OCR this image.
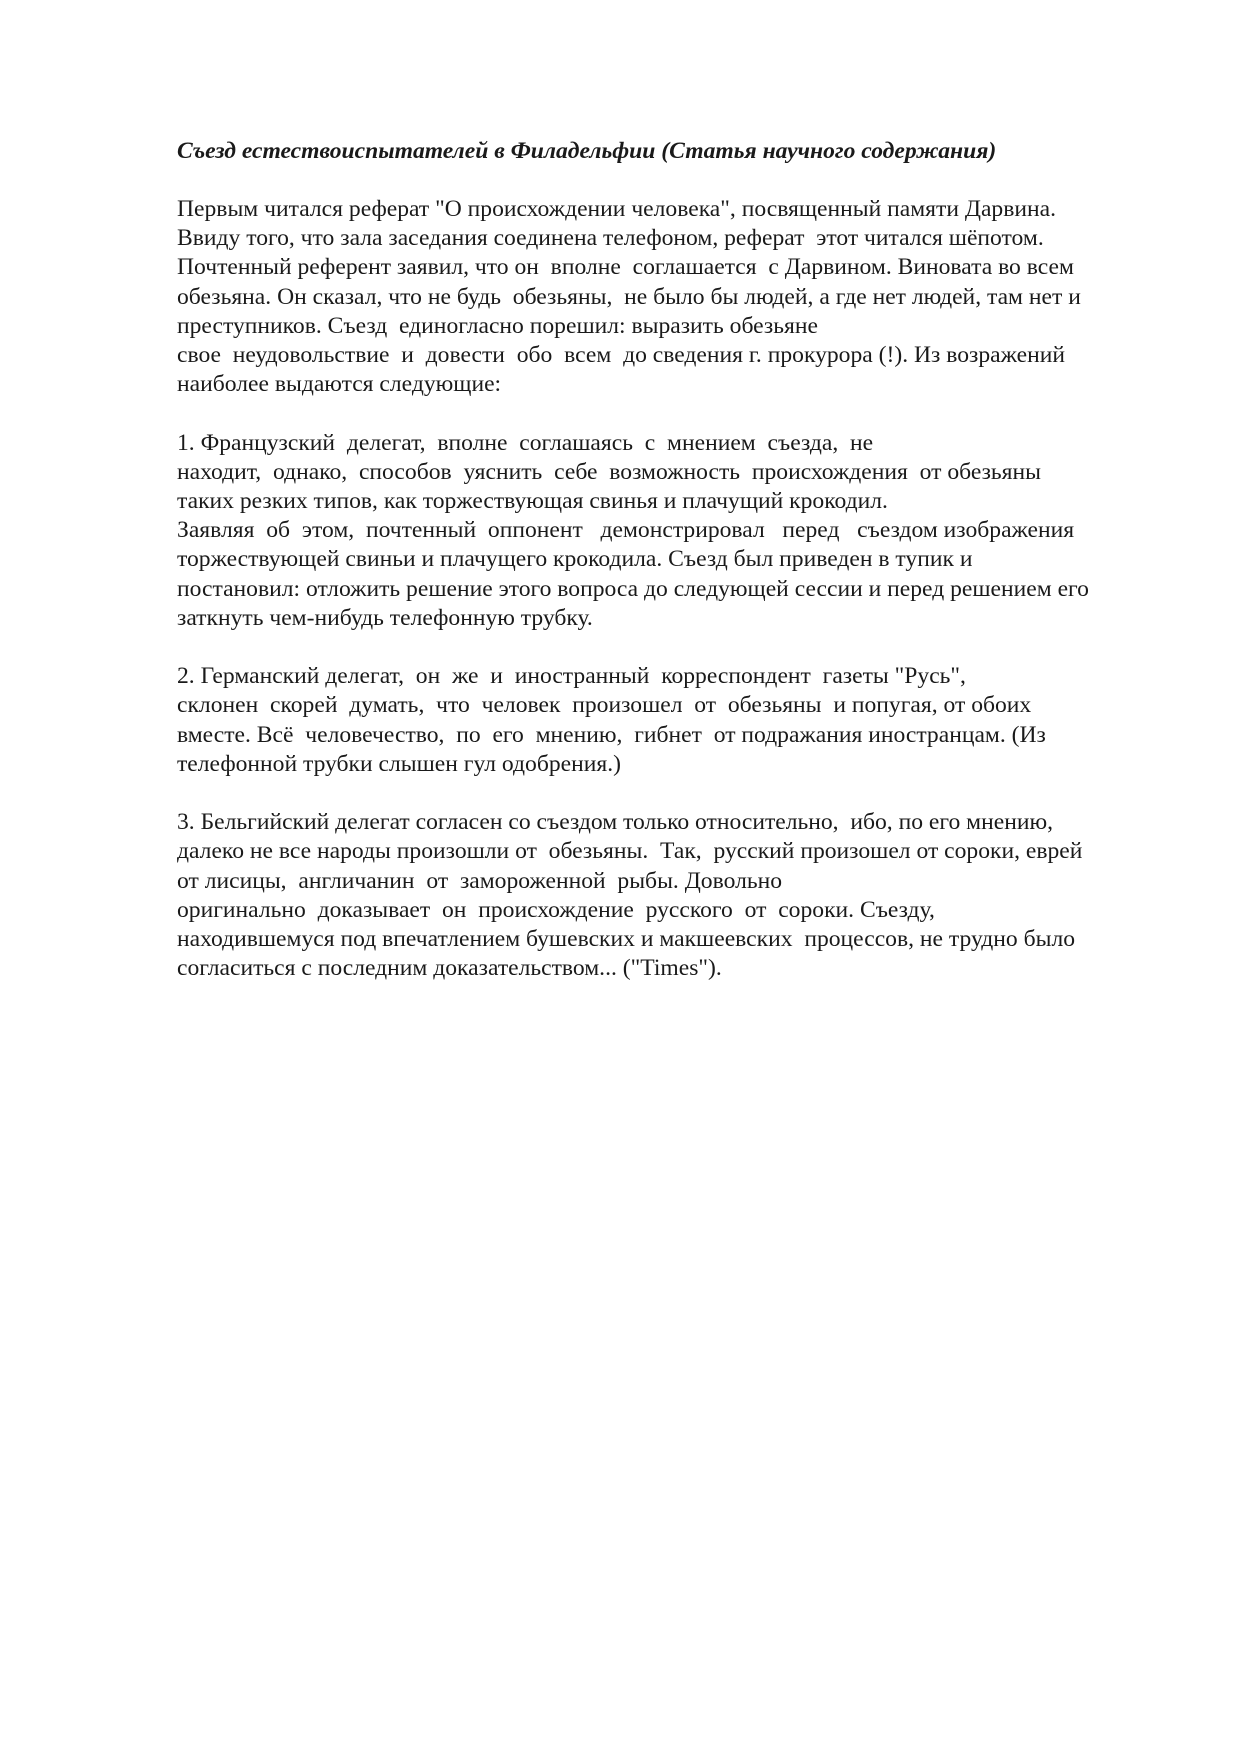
Съезд естествоиспытателей в Филадельфии (Статья научного содержания)
Первым читался реферат "О происхождении человека", посвященный памяти Дарвина.
Ввиду того, что зала заседания соединена телефоном, реферат  этот читался шёпотом.
Почтенный референт заявил, что он  вполне  соглашается  с Дарвином. Виновата во всем
обезьяна. Он сказал, что не будь  обезьяны,  не было бы людей, а где нет людей, там нет и
преступников. Съезд  единогласно порешил: выразить обезьяне
свое  неудовольствие  и  довести  обо  всем  до сведения г. прокурора (!). Из возражений
наиболее выдаются следующие:
1. Французский  делегат,  вполне  соглашаясь  с  мнением  съезда,  не
находит,  однако,  способов  уяснить  себе  возможность  происхождения  от обезьяны
таких резких типов, как торжествующая свинья и плачущий крокодил.
Заявляя  об  этом,  почтенный  оппонент   демонстрировал   перед   съездом изображения
торжествующей свиньи и плачущего крокодила. Съезд был приведен в тупик и
постановил: отложить решение этого вопроса до следующей сессии и перед решением его
заткнуть чем-нибудь телефонную трубку.
2. Германский делегат,  он  же  и  иностранный  корреспондент  газеты "Русь",
склонен  скорей  думать,  что  человек  произошел  от  обезьяны  и попугая, от обоих
вместе. Всё  человечество,  по  его  мнению,  гибнет  от подражания иностранцам. (Из
телефонной трубки слышен гул одобрения.)
3. Бельгийский делегат согласен со съездом только относительно,  ибо, по его мнению,
далеко не все народы произошли от  обезьяны.  Так,  русский произошел от сороки, еврей
от лисицы,  англичанин  от  замороженной  рыбы. Довольно
оригинально  доказывает  он  происхождение  русского  от  сороки. Съезду,
находившемуся под впечатлением бушевских и макшеевских  процессов, не трудно было
согласиться с последним доказательством... ("Times").
